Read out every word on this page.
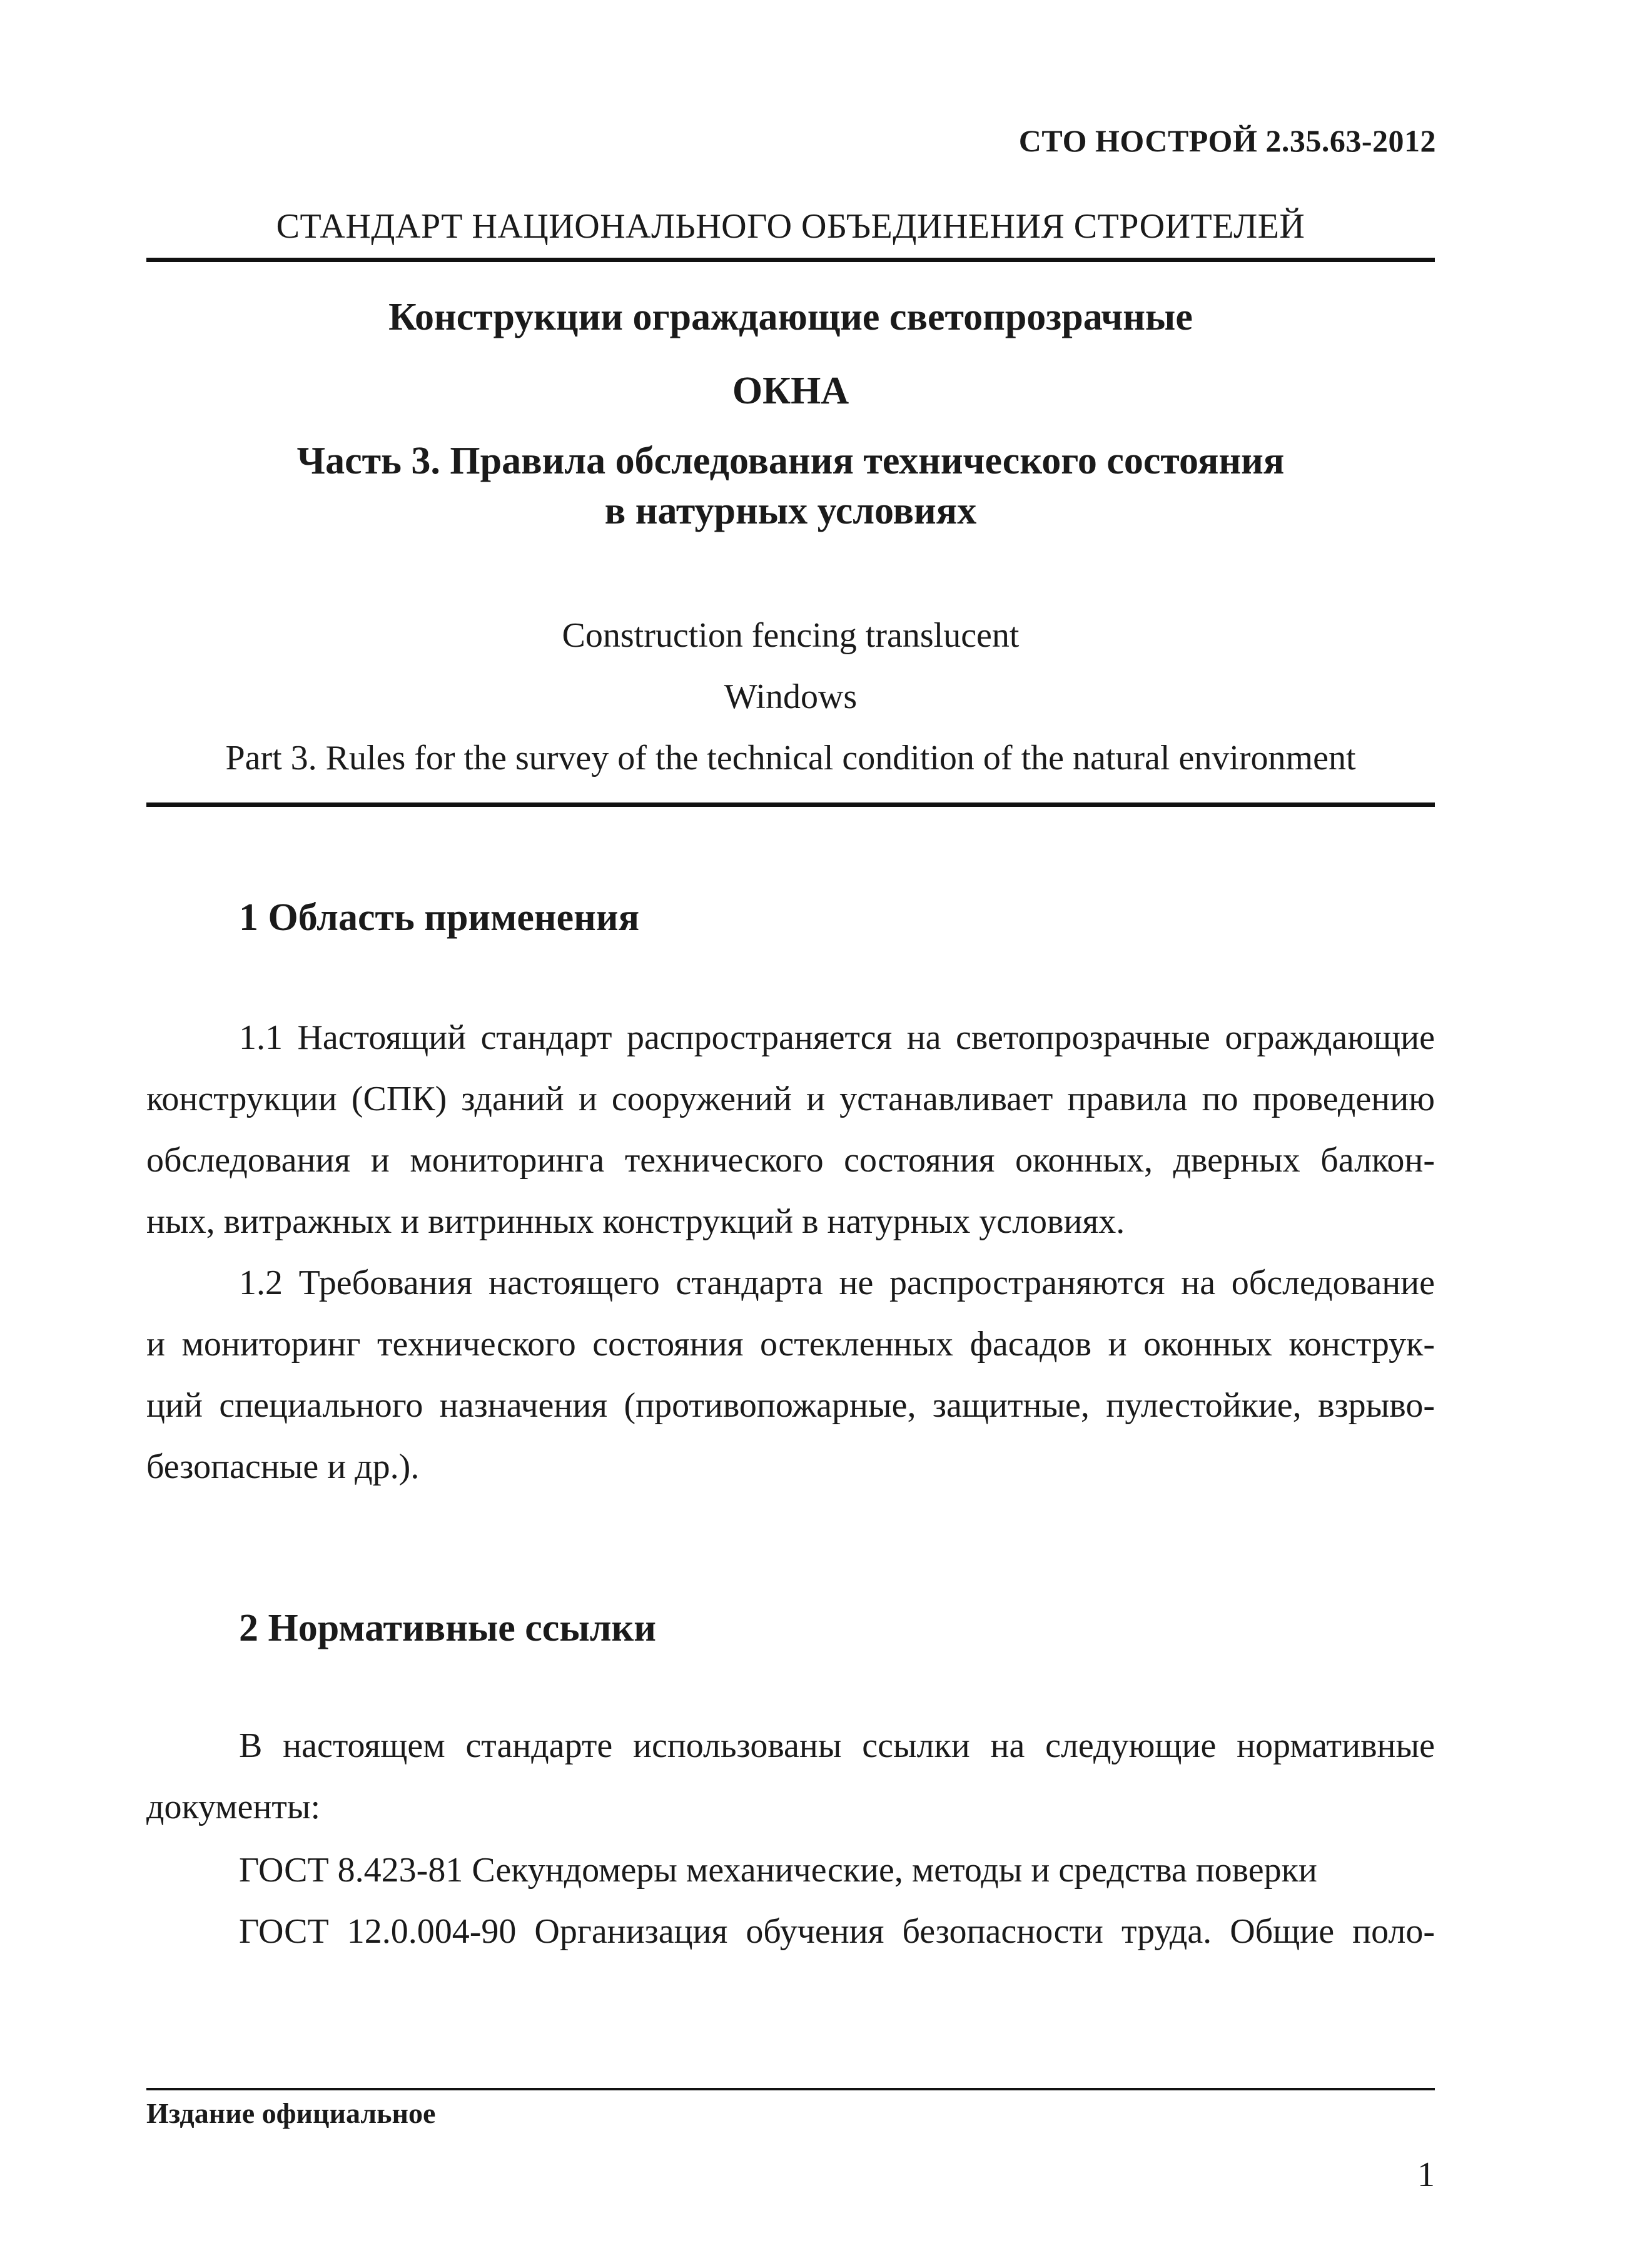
СТО НОСТРОЙ 2.35.63-2012
СТАНДАРТ НАЦИОНАЛЬНОГО ОБЪЕДИНЕНИЯ СТРОИТЕЛЕЙ
Конструкции ограждающие светопрозрачные
ОКНА
Часть 3. Правила обследования технического состояния
в натурных условиях
Construction fencing translucent
Windows
Part 3. Rules for the survey of the technical condition of the natural environment
1 Область применения
1.1 Настоящий стандарт распространяется на светопрозрачные ограждающие
конструкции (СПК) зданий и сооружений и устанавливает правила по проведению
обследования и мониторинга технического состояния оконных, дверных балкон-
ных, витражных и витринных конструкций в натурных условиях.
1.2 Требования настоящего стандарта не распространяются на обследование
и мониторинг технического состояния остекленных фасадов и оконных конструк-
ций специального назначения (противопожарные, защитные, пулестойкие, взрыво-
безопасные и др.).
2 Нормативные ссылки
В настоящем стандарте использованы ссылки на следующие нормативные
документы:
ГОСТ 8.423-81 Секундомеры механические, методы и средства поверки
ГОСТ 12.0.004-90 Организация обучения безопасности труда. Общие поло-
Издание официальное
1
